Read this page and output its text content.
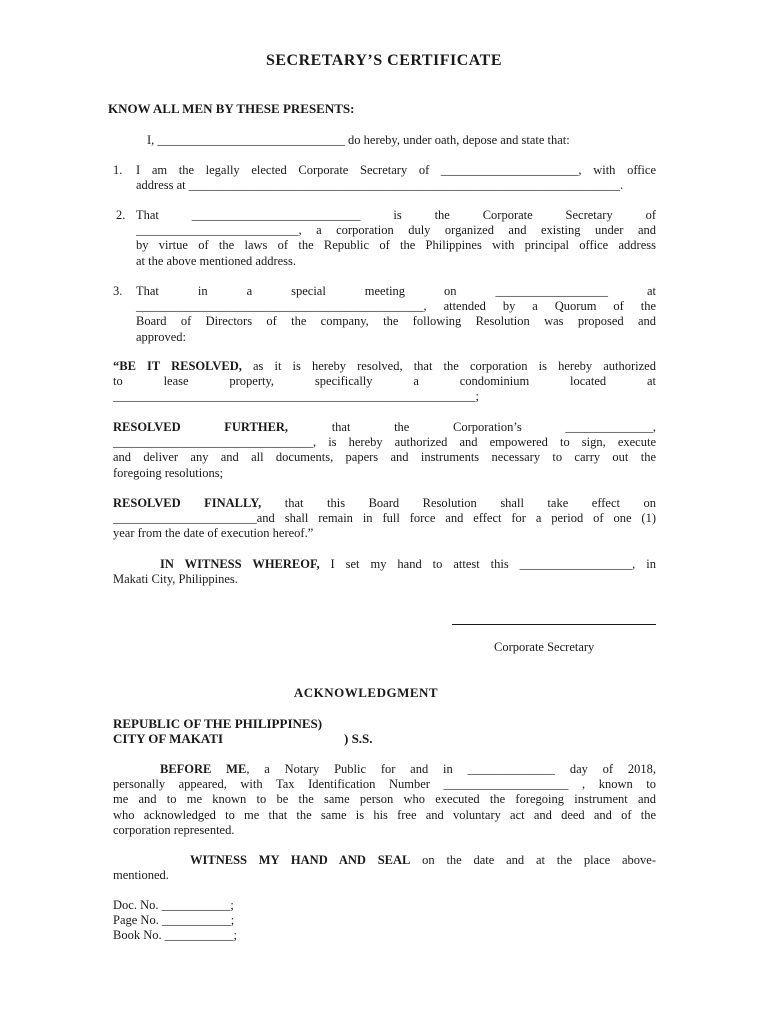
SECRETARY’S CERTIFICATE
KNOW ALL MEN BY THESE PRESENTS:
I, ______________________________ do hereby, under oath, depose and state that:
1. I am the legally elected Corporate Secretary of ______________________, with office
address at _____________________________________________________________________.
2. That ___________________________ is the Corporate Secretary of
__________________________, a corporation duly organized and existing under and
by virtue of the laws of the Republic of the Philippines with principal office address
at the above mentioned address.
3. That in a special meeting on __________________ at
______________________________________________, attended by a Quorum of the
Board of Directors of the company, the following Resolution was proposed and
approved:
“BE IT RESOLVED, as it is hereby resolved, that the corporation is hereby authorized
to lease property, specifically a condominium located at
__________________________________________________________;
RESOLVED FURTHER, that the Corporation’s ______________,
________________________________, is hereby authorized and empowered to sign, execute
and deliver any and all documents, papers and instruments necessary to carry out the
foregoing resolutions;
RESOLVED FINALLY, that this Board Resolution shall take effect on
_______________________and shall remain in full force and effect for a period of one (1)
year from the date of execution hereof.”
IN WITNESS WHEREOF, I set my hand to attest this __________________, in
Makati City, Philippines.
Corporate Secretary
ACKNOWLEDGMENT
REPUBLIC OF THE PHILIPPINES)
CITY OF MAKATI	) S.S.
BEFORE ME, a Notary Public for and in ______________ day of 2018,
personally appeared, with Tax Identification Number ____________________ , known to
me and to me known to be the same person who executed the foregoing instrument and
who acknowledged to me that the same is his free and voluntary act and deed and of the
corporation represented.
WITNESS MY HAND AND SEAL on the date and at the place above-
mentioned.
Doc. No. ___________;
Page No. ___________;
Book No. ___________;
